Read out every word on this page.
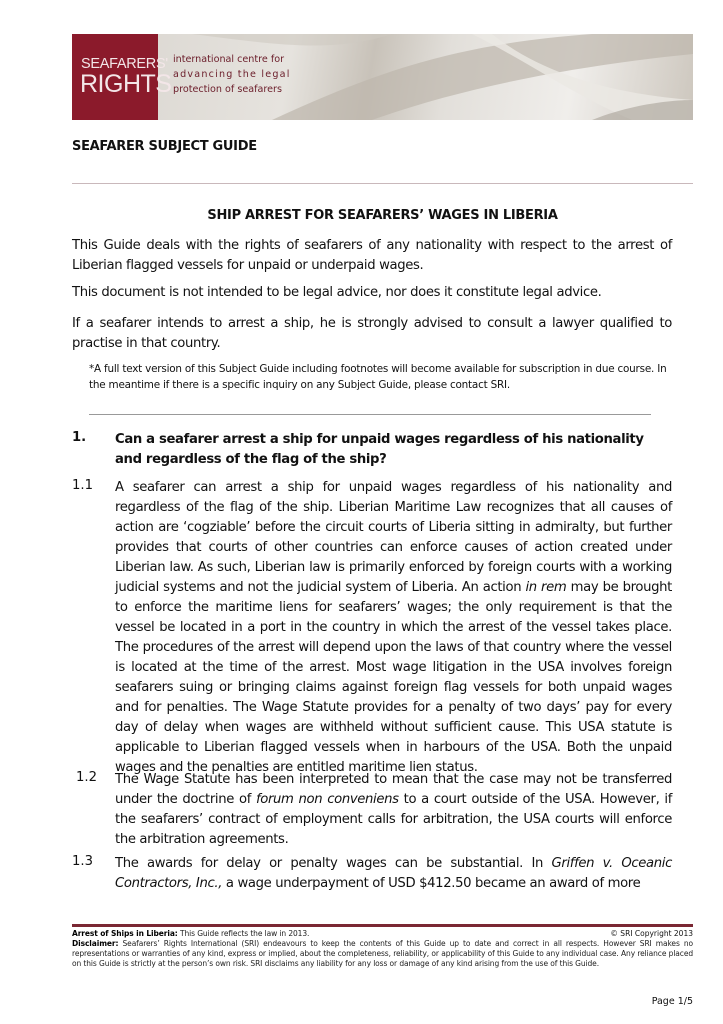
SEAFARERS'
RIGHTS
international centre for
advancing the legal
protection of seafarers
SEAFARER SUBJECT GUIDE
SHIP ARREST FOR SEAFARERS’ WAGES IN LIBERIA
This Guide deals with the rights of seafarers of any nationality with respect to the arrest of Liberian flagged vessels for unpaid or underpaid wages.
This document is not intended to be legal advice, nor does it constitute legal advice.
If a seafarer intends to arrest a ship, he is strongly advised to consult a lawyer qualified to practise in that country.
*A full text version of this Subject Guide including footnotes will become available for subscription in due course. In the meantime if there is a specific inquiry on any Subject Guide, please contact SRI.
1. Can a seafarer arrest a ship for unpaid wages regardless of his nationality and regardless of the flag of the ship?
1.1 A seafarer can arrest a ship for unpaid wages regardless of his nationality and regardless of the flag of the ship. Liberian Maritime Law recognizes that all causes of action are ‘cogziable’ before the circuit courts of Liberia sitting in admiralty, but further provides that courts of other countries can enforce causes of action created under Liberian law. As such, Liberian law is primarily enforced by foreign courts with a working judicial systems and not the judicial system of Liberia. An action in rem may be brought to enforce the maritime liens for seafarers’ wages; the only requirement is that the vessel be located in a port in the country in which the arrest of the vessel takes place. The procedures of the arrest will depend upon the laws of that country where the vessel is located at the time of the arrest. Most wage litigation in the USA involves foreign seafarers suing or bringing claims against foreign flag vessels for both unpaid wages and for penalties. The Wage Statute provides for a penalty of two days’ pay for every day of delay when wages are withheld without sufficient cause. This USA statute is applicable to Liberian flagged vessels when in harbours of the USA. Both the unpaid wages and the penalties are entitled maritime lien status.
1.2 The Wage Statute has been interpreted to mean that the case may not be transferred under the doctrine of forum non conveniens to a court outside of the USA. However, if the seafarers’ contract of employment calls for arbitration, the USA courts will enforce the arbitration agreements.
1.3 The awards for delay or penalty wages can be substantial. In Griffen v. Oceanic Contractors, Inc., a wage underpayment of USD $412.50 became an award of more
Arrest of Ships in Liberia: This Guide reflects the law in 2013.	© SRI Copyright 2013
Disclaimer: Seafarers’ Rights International (SRI) endeavours to keep the contents of this Guide up to date and correct in all respects. However SRI makes no representations or warranties of any kind, express or implied, about the completeness, reliability, or applicability of this Guide to any individual case. Any reliance placed on this Guide is strictly at the person’s own risk. SRI disclaims any liability for any loss or damage of any kind arising from the use of this Guide.
Page 1/5
